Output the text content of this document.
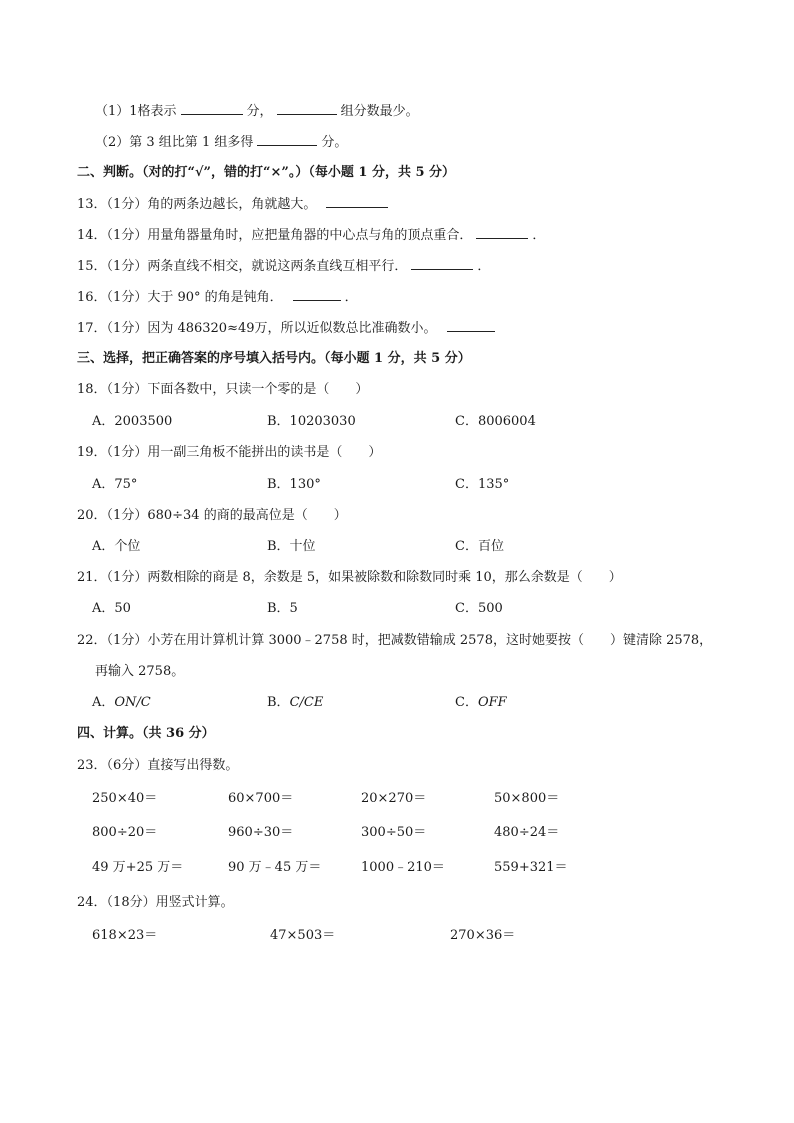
（1）1格表示	分，	组分数最少。
（2）第 3 组比第 1 组多得	分。
二、判断。（对的打“√”，错的打“×”。）（每小题 1 分，共 5 分）
13．（1分）角的两条边越长，角就越大。
14．（1分）用量角器量角时，应把量角器的中心点与角的顶点重合．	．
15．（1分）两条直线不相交，就说这两条直线互相平行．	．
16．（1分）大于 90° 的角是钝角．	．
17．（1分）因为 486320≈49万，所以近似数总比准确数小。
三、选择，把正确答案的序号填入括号内。（每小题 1 分，共 5 分）
18．（1分）下面各数中，只读一个零的是（　　）
A．2003500	B．10203030	C．8006004
19．（1分）用一副三角板不能拼出的读书是（　　）
A．75°	B．130°	C．135°
20．（1分）680÷34 的商的最高位是（　　）
A．个位	B．十位	C．百位
21．（1分）两数相除的商是 8，余数是 5，如果被除数和除数同时乘 10，那么余数是（　　）
A．50	B．5	C．500
22．（1分）小芳在用计算机计算 3000﹣2758 时，把减数错输成 2578，这时她要按（　　）键清除 2578，
再输入 2758。
A．ON/C	B．C/CE	C．OFF
四、计算。（共 36 分）
23．（6分）直接写出得数。
250×40＝	60×700＝	20×270＝	50×800＝
800÷20＝	960÷30＝	300÷50＝	480÷24＝
49 万+25 万＝	90 万﹣45 万＝	1000﹣210＝	559+321＝
24．（18分）用竖式计算。
618×23＝	47×503＝	270×36＝
